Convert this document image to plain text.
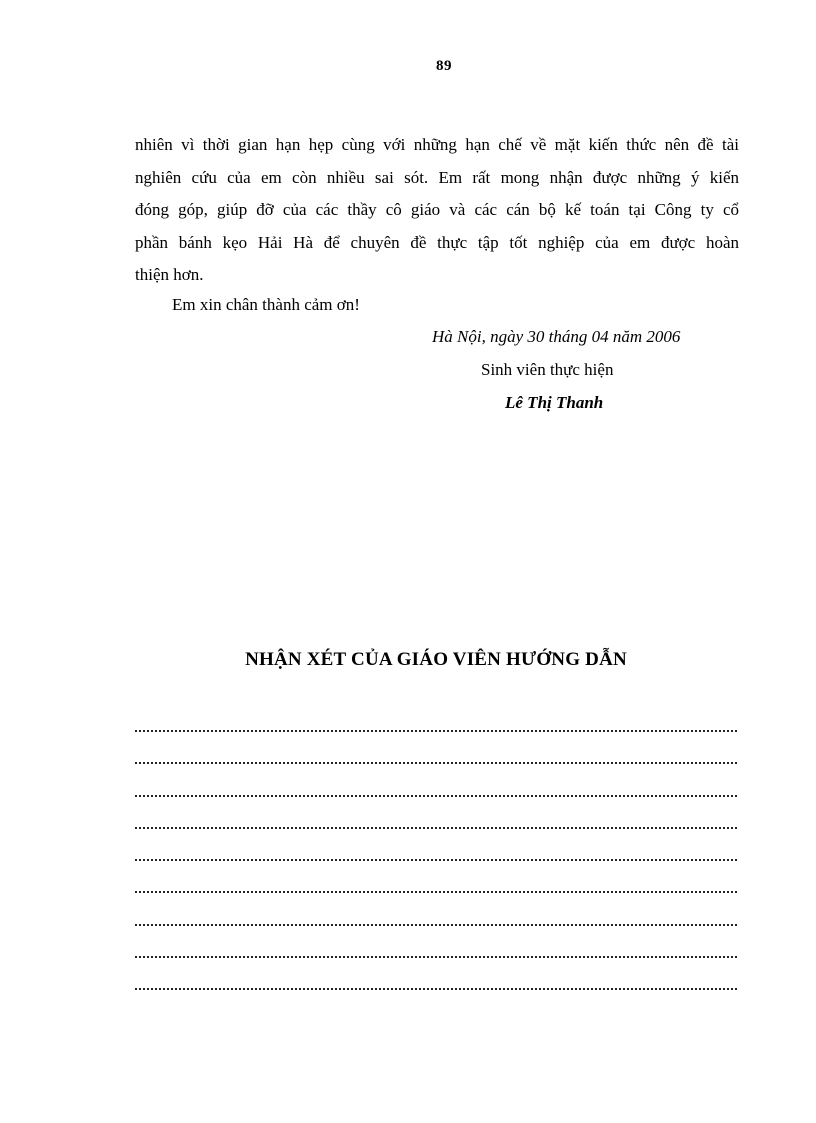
89
nhiên vì thời gian hạn hẹp cùng với những hạn chế về mặt kiến thức nên đề tài
nghiên cứu của em còn nhiều sai sót. Em rất mong nhận được những ý kiến
đóng góp, giúp đỡ của các thầy cô giáo và các cán bộ kế toán tại Công ty cổ
phần bánh kẹo Hải Hà để chuyên đề thực tập tốt nghiệp của em được hoàn
thiện hơn.
Em xin chân thành cảm ơn!
Hà Nội, ngày 30 tháng 04 năm 2006
Sinh viên thực hiện
Lê Thị Thanh
NHẬN XÉT CỦA GIÁO VIÊN HƯỚNG DẪN
